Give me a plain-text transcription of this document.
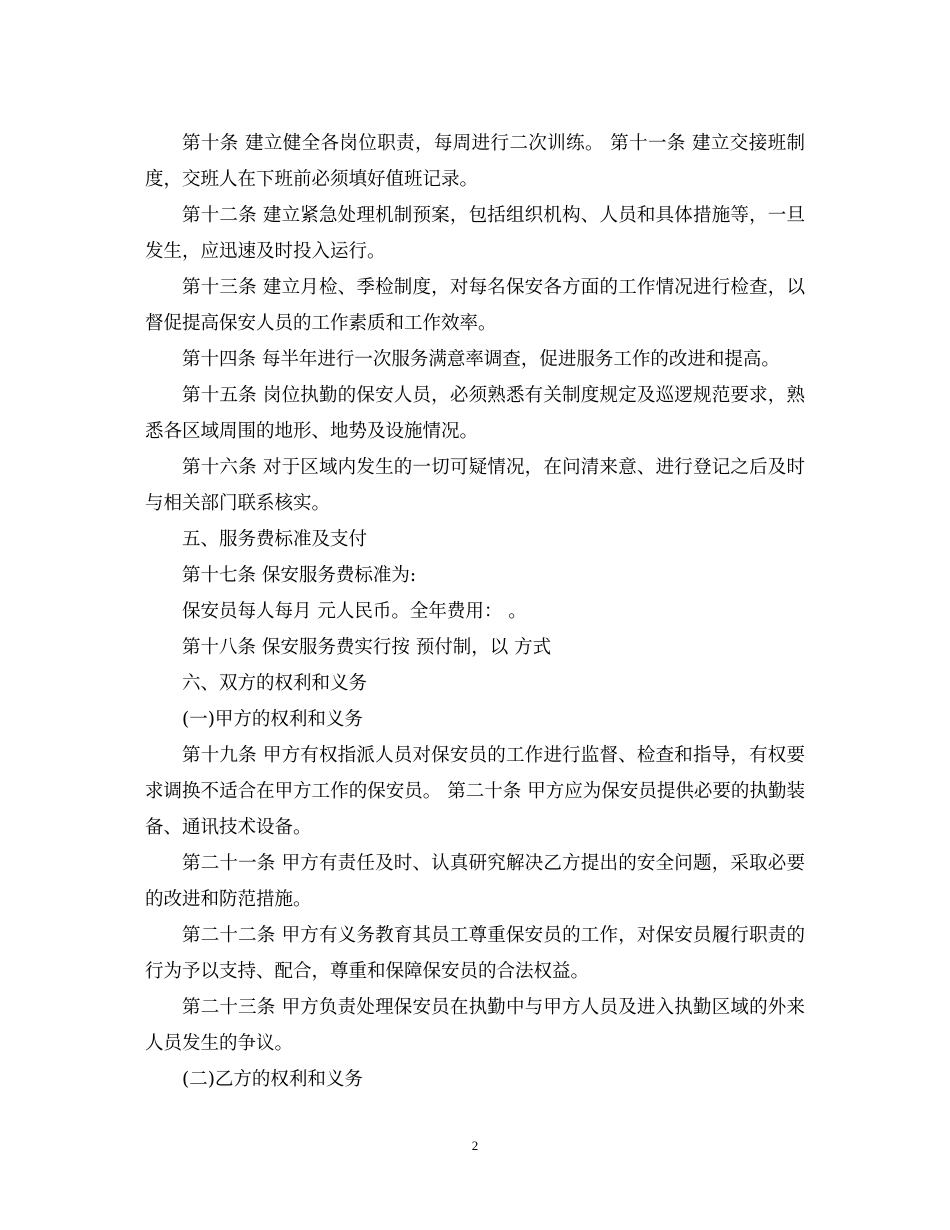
第十条 建立健全各岗位职责，每周进行二次训练。 第十一条 建立交接班制度，交班人在下班前必须填好值班记录。

第十二条 建立紧急处理机制预案，包括组织机构、人员和具体措施等，一旦发生，应迅速及时投入运行。

第十三条 建立月检、季检制度，对每名保安各方面的工作情况进行检查，以督促提高保安人员的工作素质和工作效率。

第十四条 每半年进行一次服务满意率调查，促进服务工作的改进和提高。

第十五条 岗位执勤的保安人员，必须熟悉有关制度规定及巡逻规范要求，熟悉各区域周围的地形、地势及设施情况。

第十六条 对于区域内发生的一切可疑情况，在问清来意、进行登记之后及时与相关部门联系核实。

五、服务费标准及支付

第十七条 保安服务费标准为:

保安员每人每月 元人民币。全年费用： 。

第十八条 保安服务费实行按 预付制，以 方式

六、双方的权利和义务

(一)甲方的权利和义务

第十九条 甲方有权指派人员对保安员的工作进行监督、检查和指导，有权要求调换不适合在甲方工作的保安员。 第二十条 甲方应为保安员提供必要的执勤装备、通讯技术设备。

第二十一条 甲方有责任及时、认真研究解决乙方提出的安全问题，采取必要的改进和防范措施。

第二十二条 甲方有义务教育其员工尊重保安员的工作，对保安员履行职责的行为予以支持、配合，尊重和保障保安员的合法权益。

第二十三条 甲方负责处理保安员在执勤中与甲方人员及进入执勤区域的外来人员发生的争议。

(二)乙方的权利和义务

2
